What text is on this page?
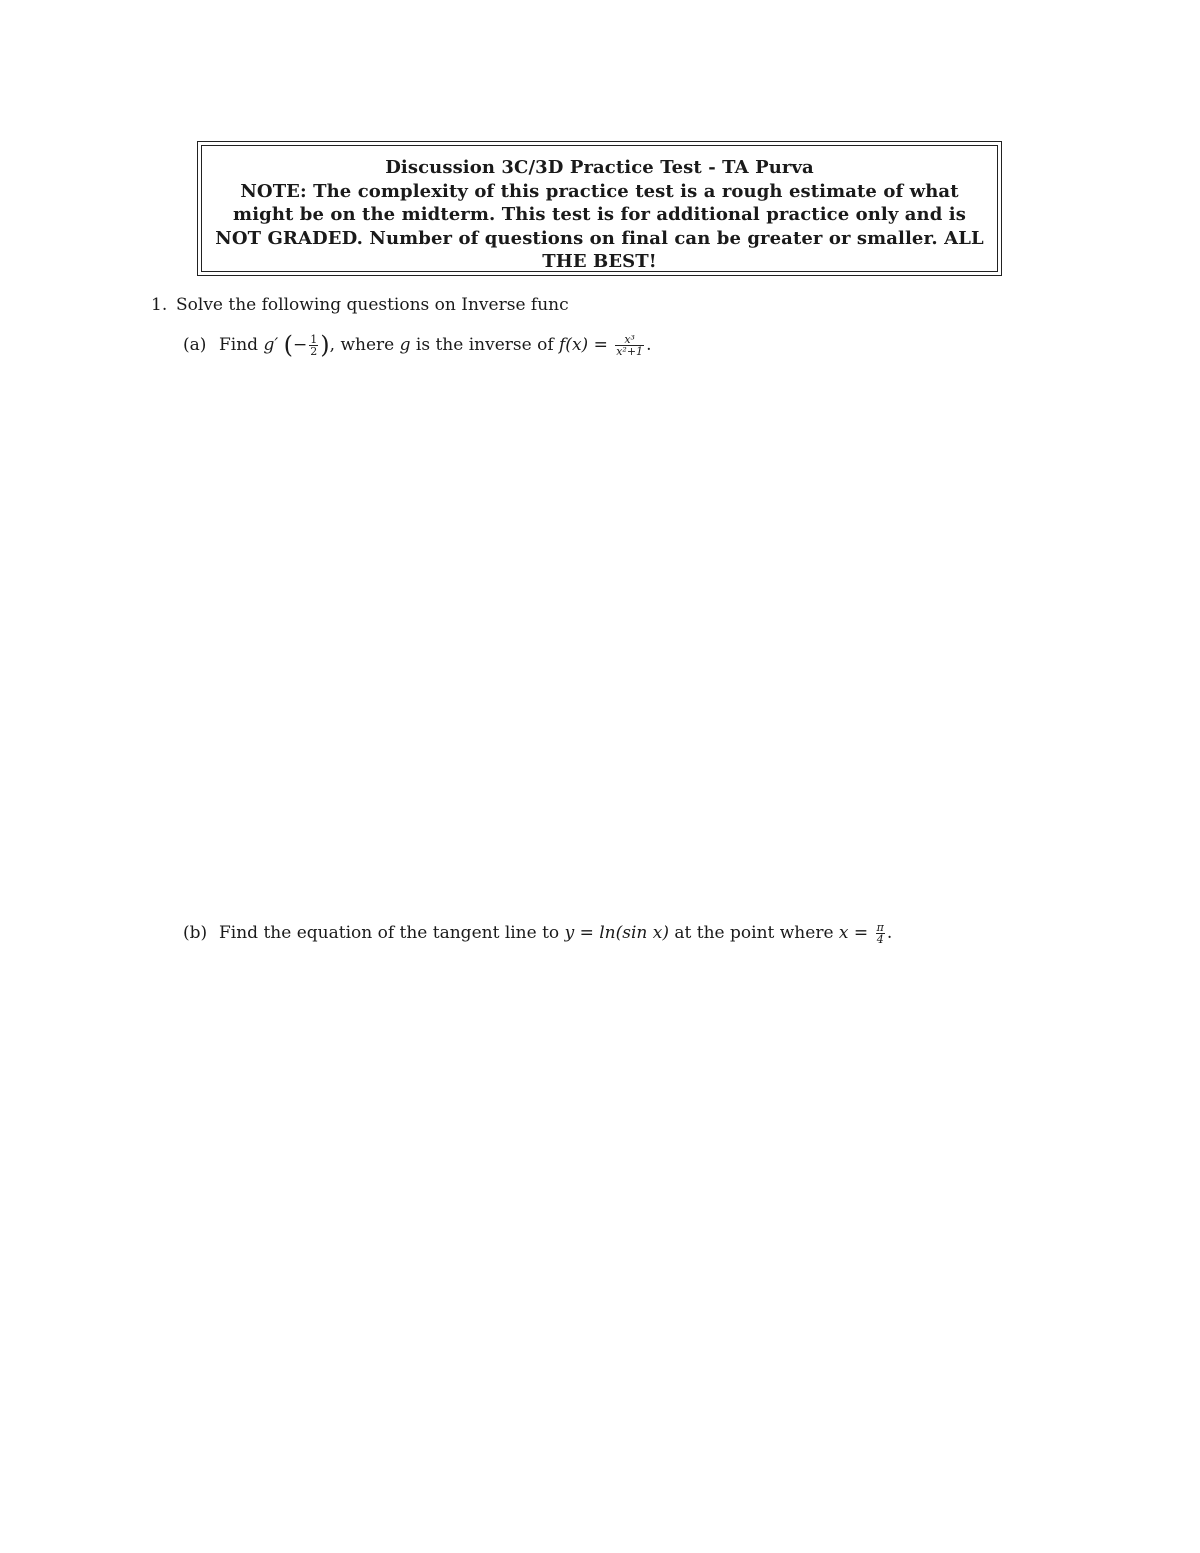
Discussion 3C/3D Practice Test - TA Purva
NOTE: The complexity of this practice test is a rough estimate of what might be on the midterm. This test is for additional practice only and is NOT GRADED. Number of questions on final can be greater or smaller. ALL THE BEST!
1. Solve the following questions on Inverse func
(a) Find g′ (− $\frac{1}{2}$ ), where g is the inverse of $f(x) = \frac{\text{x³}}{\text{x²+1}}$ .
(b) Find the equation of the tangent line to y = ln(sin x) at the point where $x = \frac{\pi}{4}$ .
